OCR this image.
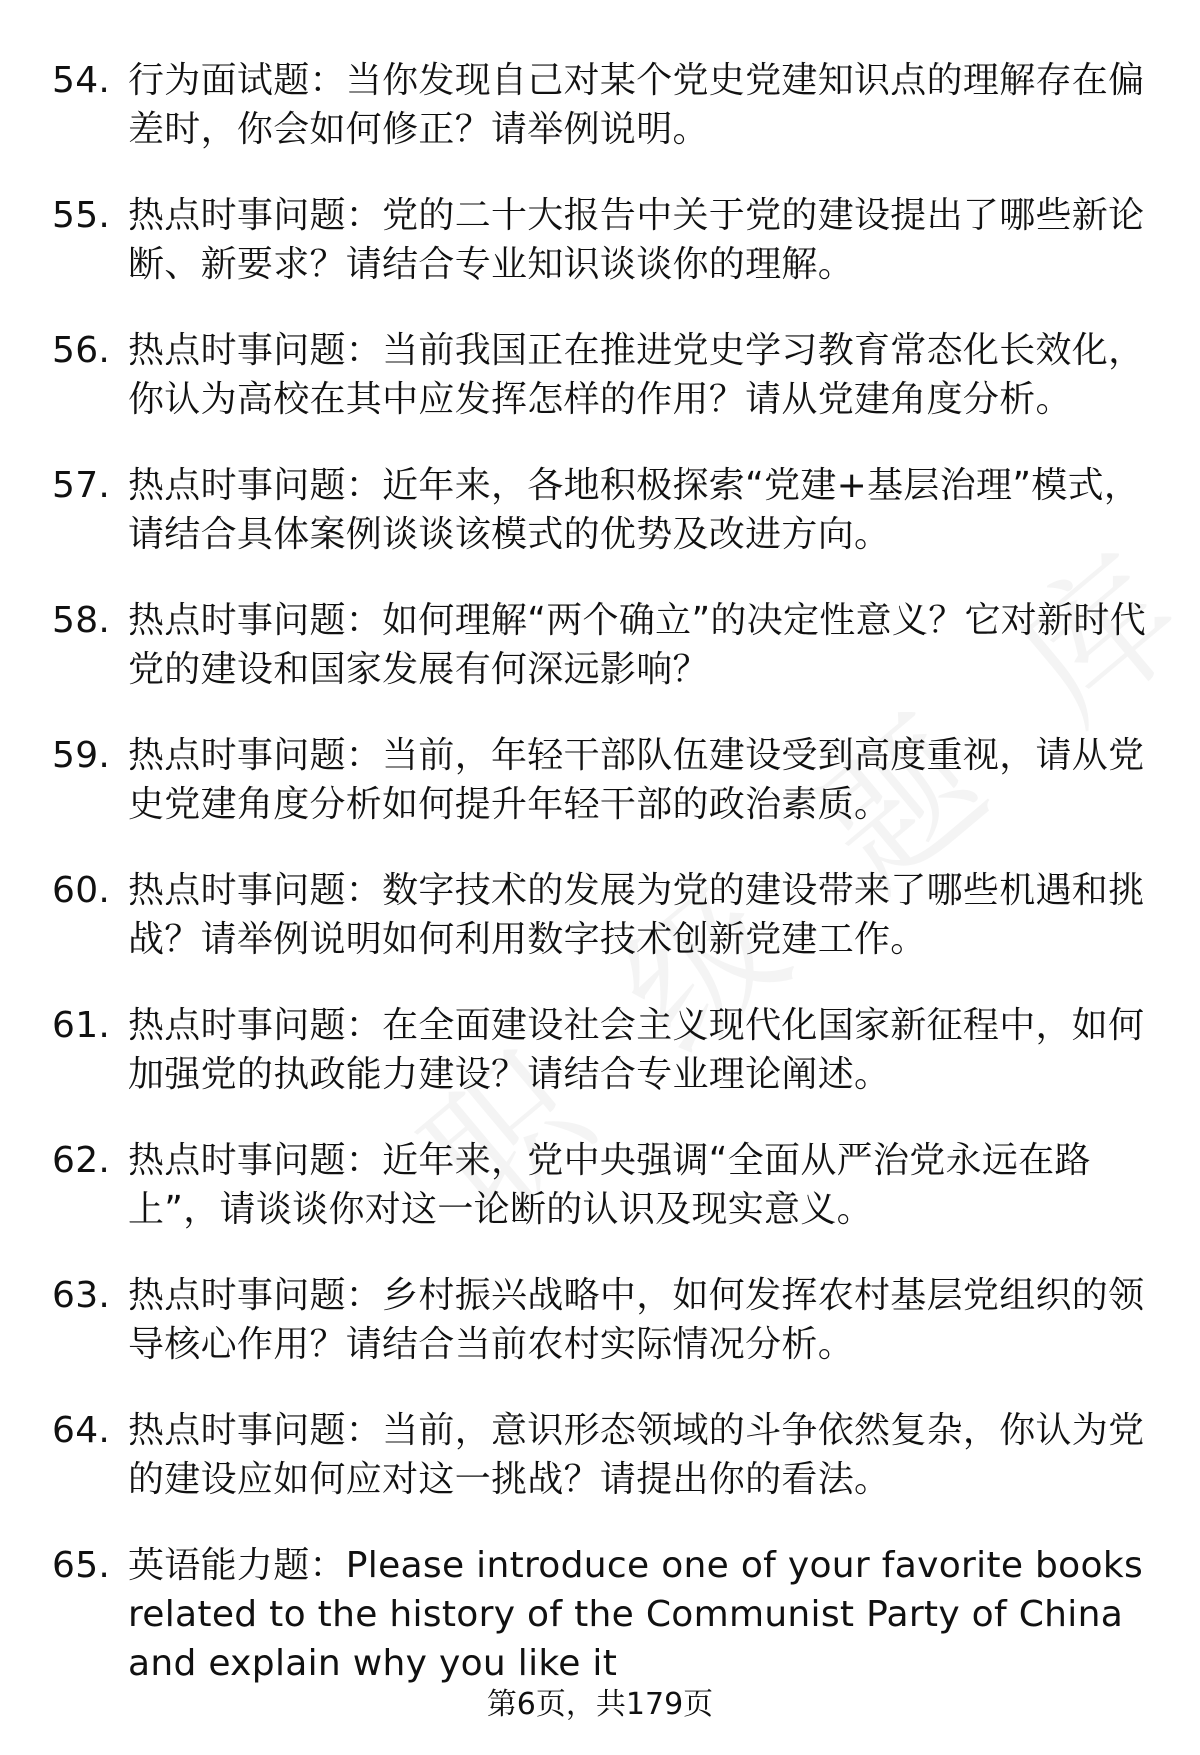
54. 行为面试题：当你发现自己对某个党史党建知识点的理解存在偏差时，你会如何修正？请举例说明。
55. 热点时事问题：党的二十大报告中关于党的建设提出了哪些新论断、新要求？请结合专业知识谈谈你的理解。
56. 热点时事问题：当前我国正在推进党史学习教育常态化长效化，你认为高校在其中应发挥怎样的作用？请从党建角度分析。
57. 热点时事问题：近年来，各地积极探索“党建+基层治理”模式，请结合具体案例谈谈该模式的优势及改进方向。
58. 热点时事问题：如何理解“两个确立”的决定性意义？它对新时代党的建设和国家发展有何深远影响？
59. 热点时事问题：当前，年轻干部队伍建设受到高度重视，请从党史党建角度分析如何提升年轻干部的政治素质。
60. 热点时事问题：数字技术的发展为党的建设带来了哪些机遇和挑战？请举例说明如何利用数字技术创新党建工作。
61. 热点时事问题：在全面建设社会主义现代化国家新征程中，如何加强党的执政能力建设？请结合专业理论阐述。
62. 热点时事问题：近年来，党中央强调“全面从严治党永远在路上”，请谈谈你对这一论断的认识及现实意义。
63. 热点时事问题：乡村振兴战略中，如何发挥农村基层党组织的领导核心作用？请结合当前农村实际情况分析。
64. 热点时事问题：当前，意识形态领域的斗争依然复杂，你认为党的建设应如何应对这一挑战？请提出你的看法。
65. 英语能力题：Please introduce one of your favorite books related to the history of the Communist Party of China and explain why you like it
第6页，共179页
